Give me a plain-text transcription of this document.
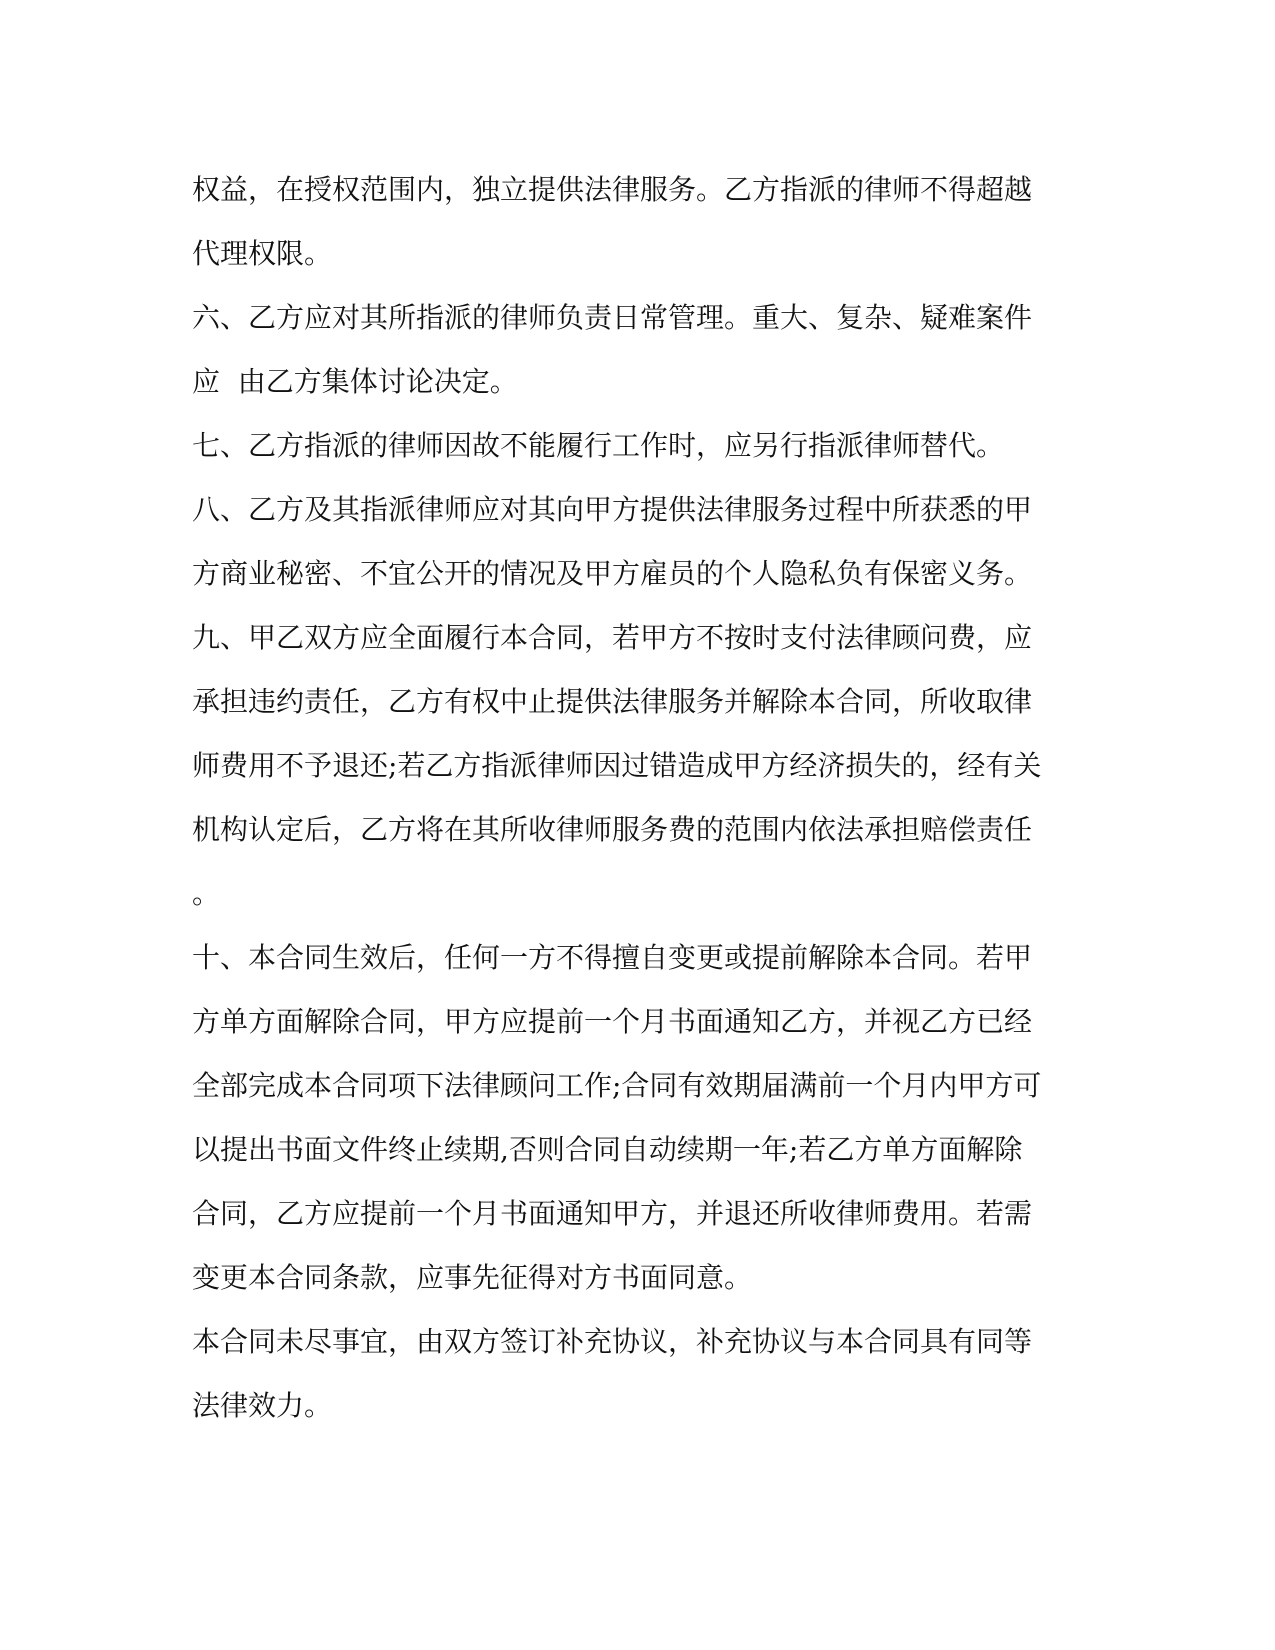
权益，在授权范围内，独立提供法律服务。乙方指派的律师不得超越
代理权限。
六、乙方应对其所指派的律师负责日常管理。重大、复杂、疑难案件
应  由乙方集体讨论决定。
七、乙方指派的律师因故不能履行工作时，应另行指派律师替代。
八、乙方及其指派律师应对其向甲方提供法律服务过程中所获悉的甲
方商业秘密、不宜公开的情况及甲方雇员的个人隐私负有保密义务。
九、甲乙双方应全面履行本合同，若甲方不按时支付法律顾问费，应
承担违约责任，乙方有权中止提供法律服务并解除本合同，所收取律
师费用不予退还;若乙方指派律师因过错造成甲方经济损失的，经有关
机构认定后，乙方将在其所收律师服务费的范围内依法承担赔偿责任
。
十、本合同生效后，任何一方不得擅自变更或提前解除本合同。若甲
方单方面解除合同，甲方应提前一个月书面通知乙方，并视乙方已经
全部完成本合同项下法律顾问工作;合同有效期届满前一个月内甲方可
以提出书面文件终止续期,否则合同自动续期一年;若乙方单方面解除
合同，乙方应提前一个月书面通知甲方，并退还所收律师费用。若需
变更本合同条款，应事先征得对方书面同意。
本合同未尽事宜，由双方签订补充协议，补充协议与本合同具有同等
法律效力。
